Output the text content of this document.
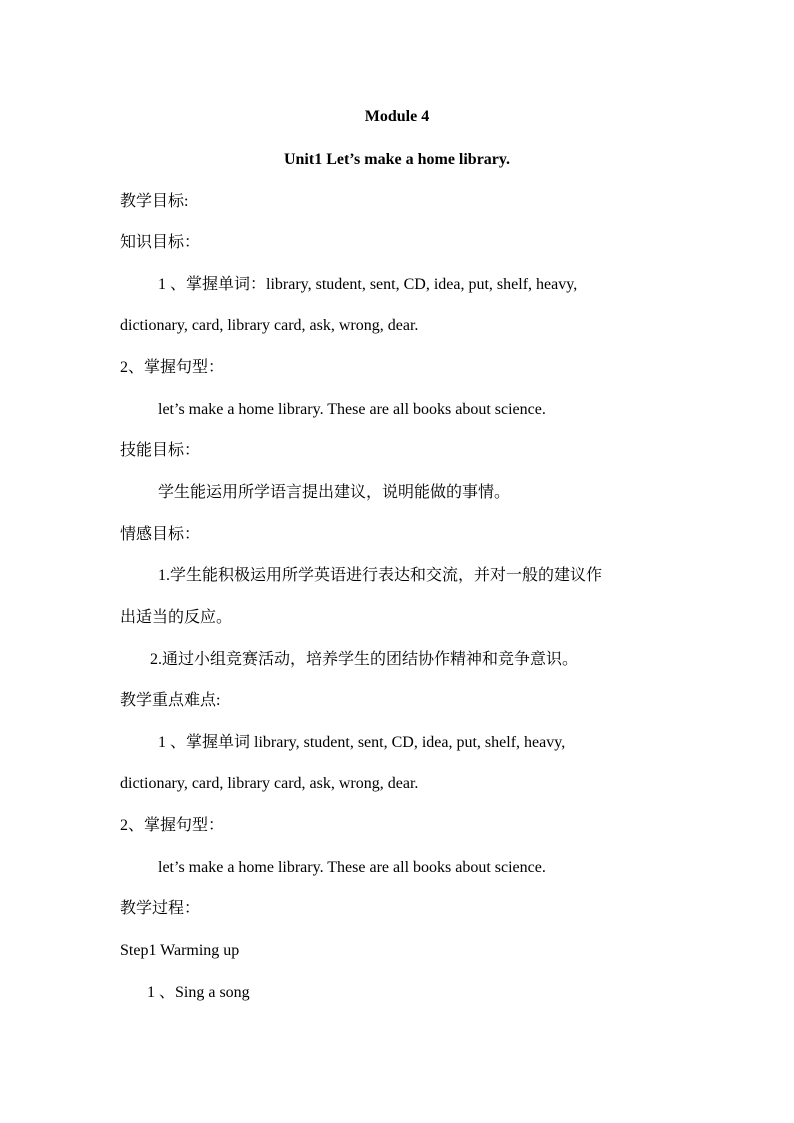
Module 4
Unit1 Let’s make a home library.
教学目标:
知识目标：
1 、掌握单词：library, student, sent, CD, idea, put, shelf, heavy,
dictionary, card, library card, ask, wrong, dear.
2、掌握句型：
let’s make a home library. These are all books about science.
技能目标：
学生能运用所学语言提出建议，说明能做的事情。
情感目标：
1.学生能积极运用所学英语进行表达和交流，并对一般的建议作
出适当的反应。
2.通过小组竞赛活动，培养学生的团结协作精神和竞争意识。
教学重点难点:
1 、掌握单词 library, student, sent, CD, idea, put, shelf, heavy,
dictionary, card, library card, ask, wrong, dear.
2、掌握句型：
let’s make a home library. These are all books about science.
教学过程：
Step1 Warming up
1 、Sing a song
